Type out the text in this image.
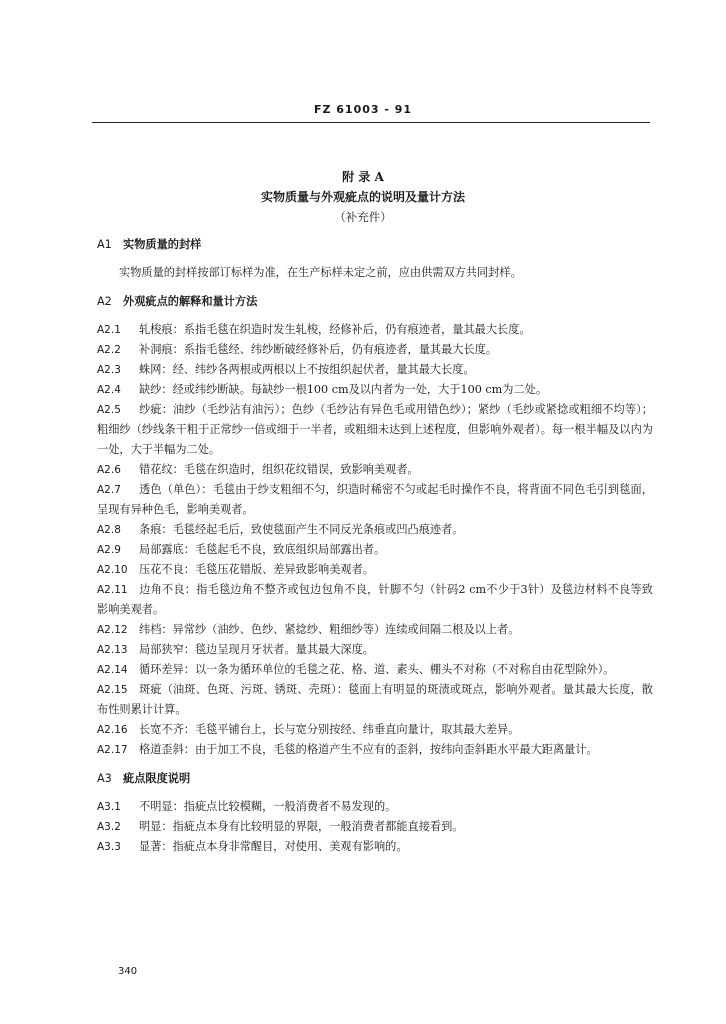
FZ 61003 - 91
附 录 A
实物质量与外观疵点的说明及量计方法
（补充件）

A1 实物质量的封样

实物质量的封样按部订标样为准，在生产标样未定之前，应由供需双方共同封样。

A2 外观疵点的解释和量计方法

A2.1 轧梭痕：系指毛毯在织造时发生轧梭，经修补后，仍有痕迹者，量其最大长度。

A2.2 补洞痕：系指毛毯经、纬纱断破经修补后，仍有痕迹者，量其最大长度。

A2.3 蛛网：经、纬纱各两根或两根以上不按组织起伏者，量其最大长度。

A2.4 缺纱：经或纬纱断缺。每缺纱一根100 cm及以内者为一处，大于100 cm为二处。

A2.5 纱疵：油纱（毛纱沾有油污）；色纱（毛纱沾有异色毛或用错色纱）；紧纱（毛纱或紧捻或粗细不均等）；粗细纱（纱线条干粗于正常纱一倍或细于一半者，或粗细未达到上述程度，但影响外观者）。每一根半幅及以内为一处，大于半幅为二处。

A2.6 错花纹：毛毯在织造时，组织花纹错误，致影响美观者。

A2.7 透色（单色）：毛毯由于纱支粗细不匀，织造时稀密不匀或起毛时操作不良，将背面不同色毛引到毯面，呈现有异种色毛，影响美观者。

A2.8 条痕：毛毯经起毛后，致使毯面产生不同反光条痕或凹凸痕迹者。

A2.9 局部露底：毛毯起毛不良，致底组织局部露出者。

A2.10 压花不良：毛毯压花错版、差异致影响美观者。

A2.11 边角不良：指毛毯边角不整齐或包边包角不良，针脚不匀（针码2 cm不少于3针）及毯边材料不良等致影响美观者。

A2.12 纬档：异常纱（油纱、色纱、紧捻纱、粗细纱等）连续或间隔二根及以上者。

A2.13 局部狭窄：毯边呈现月牙状者。量其最大深度。

A2.14 循环差异：以一条为循环单位的毛毯之花、格、道、素头、棚头不对称（不对称自由花型除外）。

A2.15 斑疵（油斑、色斑、污斑、锈斑、壳斑）：毯面上有明显的斑渍或斑点，影响外观者。量其最大长度，散布性则累计计算。

A2.16 长宽不齐：毛毯平铺台上，长与宽分别按经、纬垂直向量计，取其最大差异。

A2.17 格道歪斜：由于加工不良，毛毯的格道产生不应有的歪斜，按纬向歪斜距水平最大距离量计。

A3 疵点限度说明

A3.1 不明显：指疵点比较模糊，一般消费者不易发现的。

A3.2 明显：指疵点本身有比较明显的界限，一般消费者都能直接看到。

A3.3 显著：指疵点本身非常醒目，对使用、美观有影响的。

340
